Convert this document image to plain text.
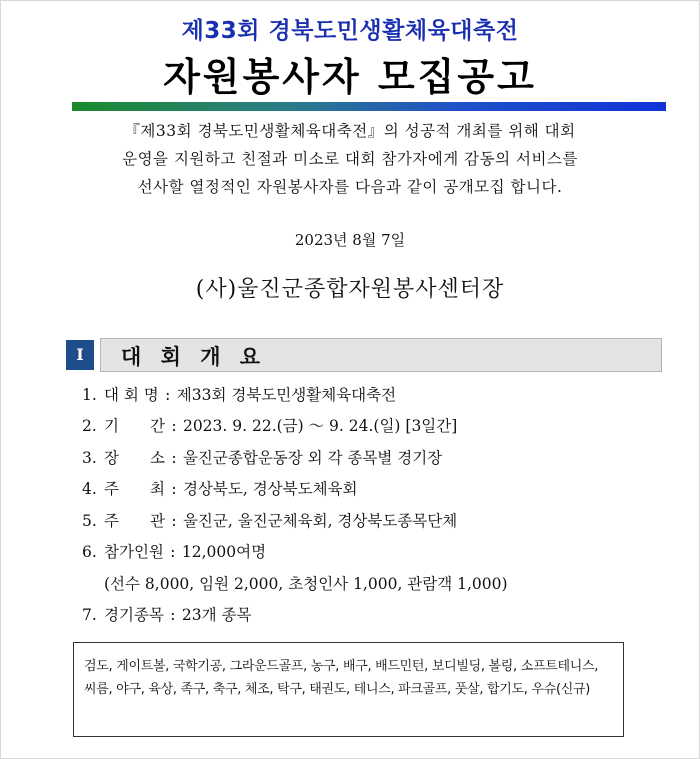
제33회 경북도민생활체육대축전
자원봉사자 모집공고
『제33회 경북도민생활체육대축전』의 성공적 개최를 위해 대회
운영을 지원하고 친절과 미소로 대회 참가자에게 감동의 서비스를
선사할 열정적인 자원봉사자를 다음과 같이 공개모집 합니다.
2023년 8월 7일
(사)울진군종합자원봉사센터장
I	대 회 개 요
1. 대 회 명 : 제33회 경북도민생활체육대축전
2. 기　　간 : 2023. 9. 22.(금) ～ 9. 24.(일) [3일간]
3. 장　　소 : 울진군종합운동장 외 각 종목별 경기장
4. 주　　최 : 경상북도, 경상북도체육회
5. 주　　관 : 울진군, 울진군체육회, 경상북도종목단체
6. 참가인원 : 12,000여명
(선수 8,000, 임원 2,000, 초청인사 1,000, 관람객 1,000)
7. 경기종목 : 23개 종목
검도, 게이트볼, 국학기공, 그라운드골프, 농구, 배구, 배드민턴, 보디빌딩, 볼링, 소프트테니스, 씨름, 야구, 육상, 족구, 축구, 체조, 탁구, 태권도, 테니스, 파크골프, 풋살, 합기도, 우슈(신규)
